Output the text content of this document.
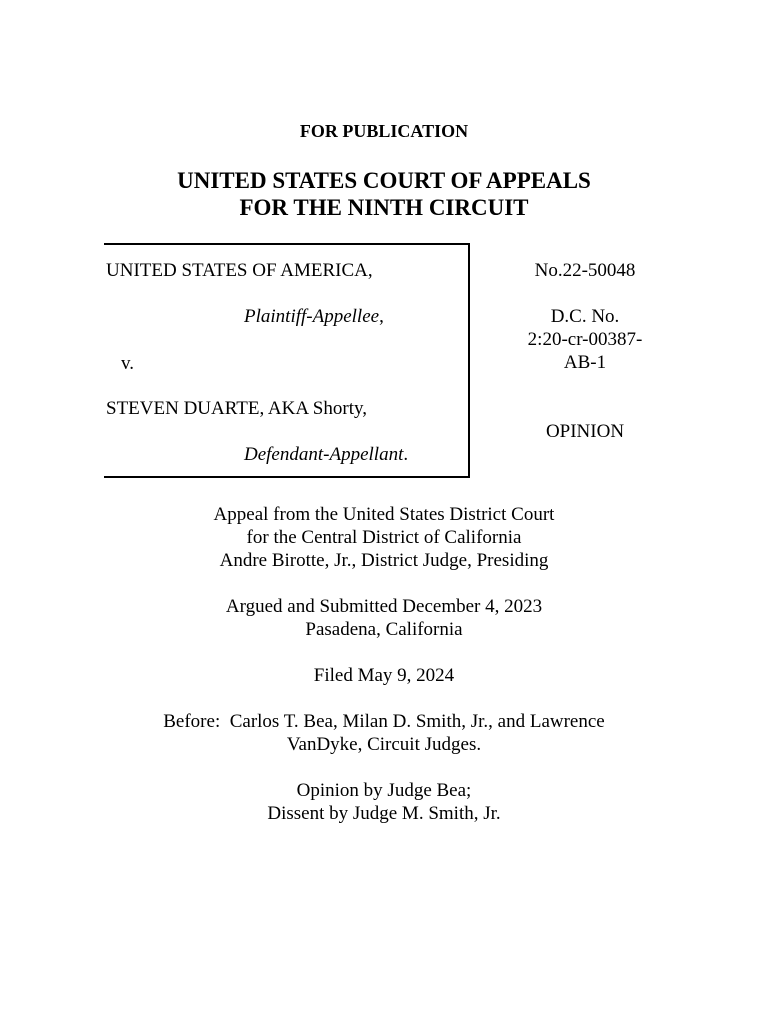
FOR PUBLICATION
UNITED STATES COURT OF APPEALS
FOR THE NINTH CIRCUIT
UNITED STATES OF AMERICA,
Plaintiff-Appellee,
v.
STEVEN DUARTE, AKA Shorty,
Defendant-Appellant.
No.22-50048
D.C. No.
2:20-cr-00387-
AB-1
OPINION
Appeal from the United States District Court
for the Central District of California
Andre Birotte, Jr., District Judge, Presiding
Argued and Submitted December 4, 2023
Pasadena, California
Filed May 9, 2024
Before:  Carlos T. Bea, Milan D. Smith, Jr., and Lawrence
VanDyke, Circuit Judges.
Opinion by Judge Bea;
Dissent by Judge M. Smith, Jr.
